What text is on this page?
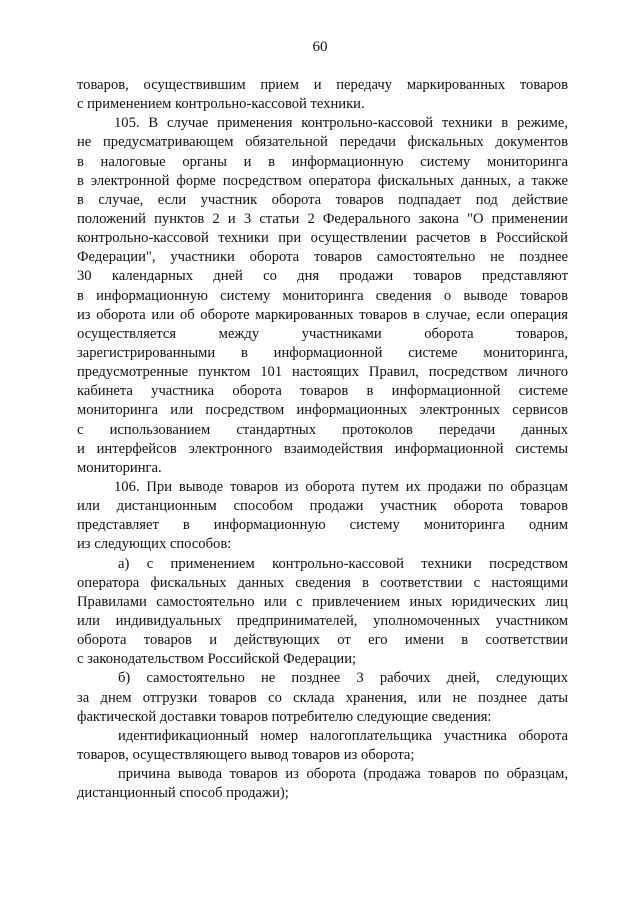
60
товаров, осуществившим прием и передачу маркированных товаров
с применением контрольно-кассовой техники.
105. В случае применения контрольно-кассовой техники в режиме,
не предусматривающем обязательной передачи фискальных документов
в налоговые органы и в информационную систему мониторинга
в электронной форме посредством оператора фискальных данных, а также
в случае, если участник оборота товаров подпадает под действие
положений пунктов 2 и 3 статьи 2 Федерального закона "О применении
контрольно-кассовой техники при осуществлении расчетов в Российской
Федерации", участники оборота товаров самостоятельно не позднее
30 календарных дней со дня продажи товаров представляют
в информационную систему мониторинга сведения о выводе товаров
из оборота или об обороте маркированных товаров в случае, если операция
осуществляется между участниками оборота товаров,
зарегистрированными в информационной системе мониторинга,
предусмотренные пунктом 101 настоящих Правил, посредством личного
кабинета участника оборота товаров в информационной системе
мониторинга или посредством информационных электронных сервисов
с использованием стандартных протоколов передачи данных
и интерфейсов электронного взаимодействия информационной системы
мониторинга.
106. При выводе товаров из оборота путем их продажи по образцам
или дистанционным способом продажи участник оборота товаров
представляет в информационную систему мониторинга одним
из следующих способов:
а) с применением контрольно-кассовой техники посредством
оператора фискальных данных сведения в соответствии с настоящими
Правилами самостоятельно или с привлечением иных юридических лиц
или индивидуальных предпринимателей, уполномоченных участником
оборота товаров и действующих от его имени в соответствии
с законодательством Российской Федерации;
б) самостоятельно не позднее 3 рабочих дней, следующих
за днем отгрузки товаров со склада хранения, или не позднее даты
фактической доставки товаров потребителю следующие сведения:
идентификационный номер налогоплательщика участника оборота
товаров, осуществляющего вывод товаров из оборота;
причина вывода товаров из оборота (продажа товаров по образцам,
дистанционный способ продажи);
